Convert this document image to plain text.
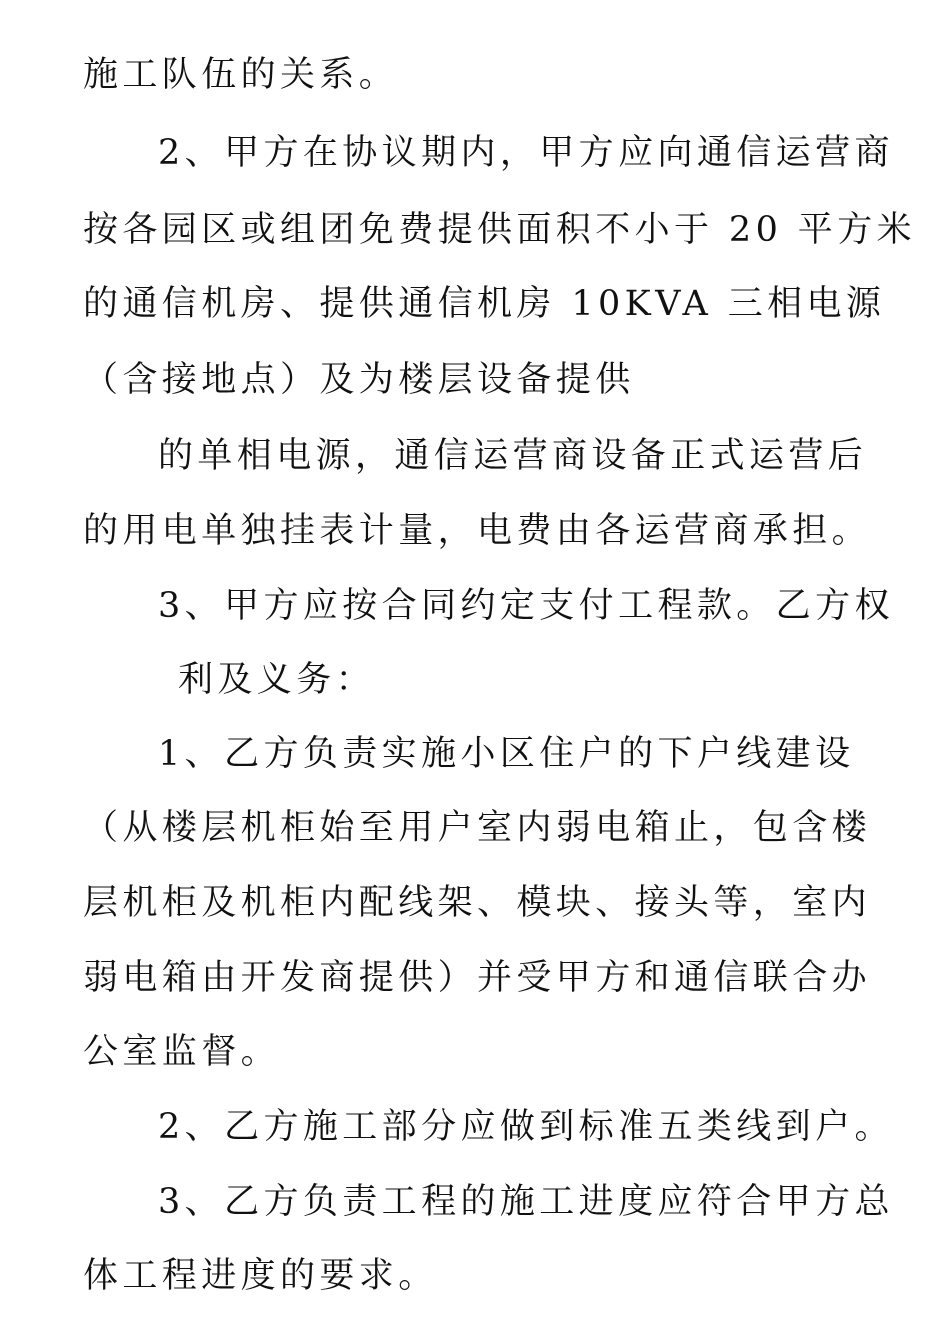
施工队伍的关系。

2、甲方在协议期内，甲方应向通信运营商

按各园区或组团免费提供面积不小于 20 平方米

的通信机房、提供通信机房 10KVA 三相电源

（含接地点）及为楼层设备提供

的单相电源，通信运营商设备正式运营后

的用电单独挂表计量，电费由各运营商承担。

3、甲方应按合同约定支付工程款。乙方权

利及义务：

1、乙方负责实施小区住户的下户线建设

（从楼层机柜始至用户室内弱电箱止，包含楼

层机柜及机柜内配线架、模块、接头等，室内

弱电箱由开发商提供）并受甲方和通信联合办

公室监督。

2、乙方施工部分应做到标准五类线到户。

3、乙方负责工程的施工进度应符合甲方总

体工程进度的要求。
